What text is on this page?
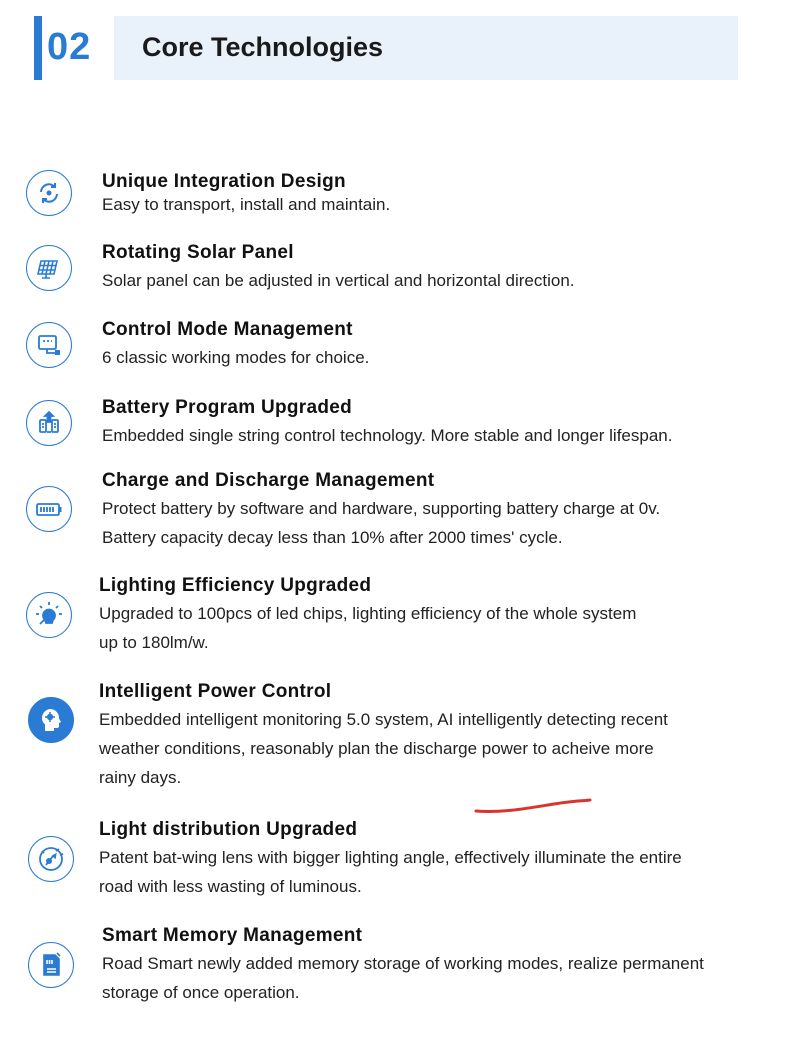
02 Core Technologies
Unique Integration Design
Easy to transport, install and maintain.
Rotating Solar Panel
Solar panel can be adjusted in vertical and horizontal direction.
Control Mode Management
6 classic working modes for choice.
Battery Program Upgraded
Embedded single string control technology. More stable and longer lifespan.
Charge and Discharge Management
Protect battery by software and hardware, supporting battery charge at 0v.
Battery capacity decay less than 10% after 2000 times' cycle.
Lighting Efficiency Upgraded
Upgraded to 100pcs of led chips, lighting efficiency of the whole system
up to 180lm/w.
Intelligent Power Control
Embedded intelligent monitoring 5.0 system, AI intelligently detecting recent
weather conditions, reasonably plan the discharge power to acheive more
rainy days.
Light distribution Upgraded
Patent bat-wing lens with bigger lighting angle, effectively illuminate the entire
road with less wasting of luminous.
Smart Memory Management
Road Smart newly added memory storage of working modes, realize permanent
storage of once operation.
